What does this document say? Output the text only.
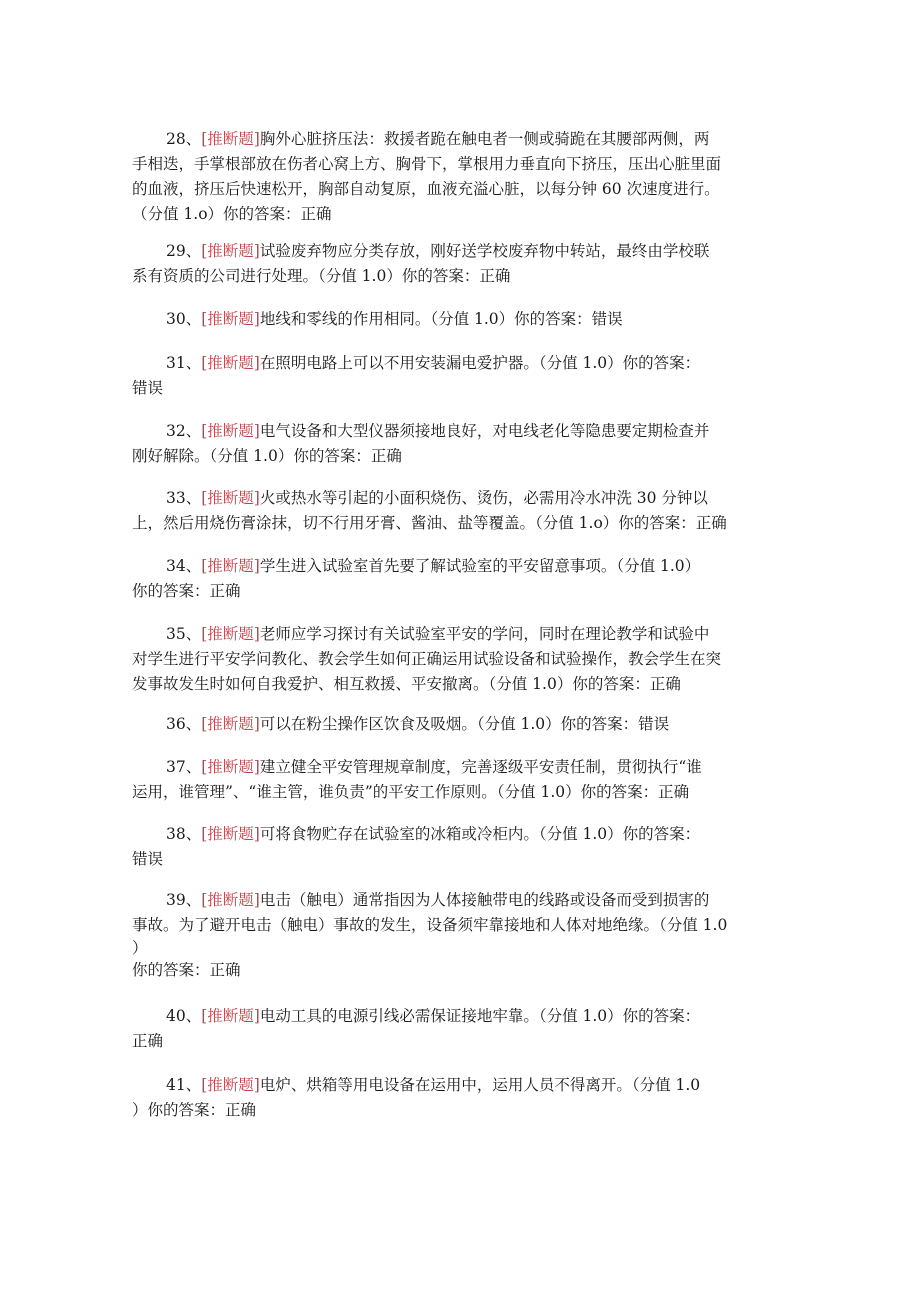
28、[推断题]胸外心脏挤压法：救援者跪在触电者一侧或骑跪在其腰部两侧，两
手相迭，手掌根部放在伤者心窝上方、胸骨下，掌根用力垂直向下挤压，压出心脏里面
的血液，挤压后快速松开，胸部自动复原，血液充溢心脏，以每分钟 60 次速度进行。
（分值 1.o）你的答案：正确
29、[推断题]试验废弃物应分类存放，刚好送学校废弃物中转站，最终由学校联
系有资质的公司进行处理。（分值 1.0）你的答案：正确
30、[推断题]地线和零线的作用相同。（分值 1.0）你的答案：错误
31、[推断题]在照明电路上可以不用安装漏电爱护器。（分值 1.0）你的答案：
错误
32、[推断题]电气设备和大型仪器须接地良好，对电线老化等隐患要定期检查并
刚好解除。（分值 1.0）你的答案：正确
33、[推断题]火或热水等引起的小面积烧伤、烫伤，必需用冷水冲洗 30 分钟以
上，然后用烧伤膏涂抹，切不行用牙膏、酱油、盐等覆盖。（分值 1.o）你的答案：正确
34、[推断题]学生进入试验室首先要了解试验室的平安留意事项。（分值 1.0）
你的答案：正确
35、[推断题]老师应学习探讨有关试验室平安的学问，同时在理论教学和试验中
对学生进行平安学问教化、教会学生如何正确运用试验设备和试验操作，教会学生在突
发事故发生时如何自我爱护、相互救援、平安撤离。（分值 1.0）你的答案：正确
36、[推断题]可以在粉尘操作区饮食及吸烟。（分值 1.0）你的答案：错误
37、[推断题]建立健全平安管理规章制度，完善逐级平安责任制，贯彻执行“谁
运用，谁管理”、“谁主管，谁负责”的平安工作原则。（分值 1.0）你的答案：正确
38、[推断题]可将食物贮存在试验室的冰箱或冷柜内。（分值 1.0）你的答案：
错误
39、[推断题]电击（触电）通常指因为人体接触带电的线路或设备而受到损害的
事故。为了避开电击（触电）事故的发生，设备须牢靠接地和人体对地绝缘。（分值 1.0
）
你的答案：正确
40、[推断题]电动工具的电源引线必需保证接地牢靠。（分值 1.0）你的答案：
正确
41、[推断题]电炉、烘箱等用电设备在运用中，运用人员不得离开。（分值 1.0
）你的答案：正确
